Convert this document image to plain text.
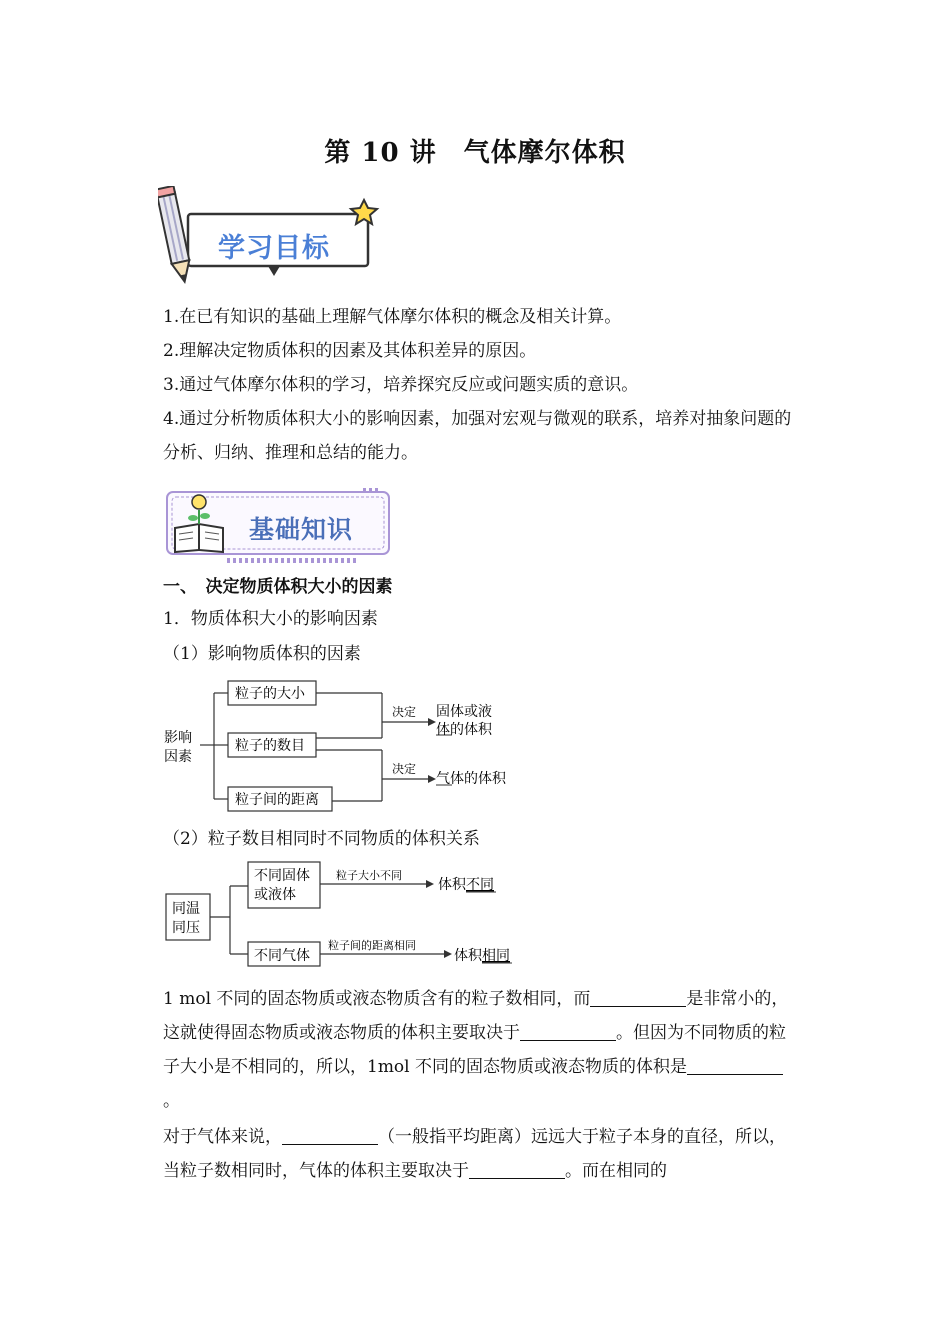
第 10 讲　气体摩尔体积
学习目标

1.在已有知识的基础上理解气体摩尔体积的概念及相关计算。

2.理解决定物质体积的因素及其体积差异的原因。

3.通过气体摩尔体积的学习，培养探究反应或问题实质的意识。

4.通过分析物质体积大小的影响因素，加强对宏观与微观的联系，培养对抽象问题的分析、归纳、推理和总结的能力。

基础知识
一、　决定物质体积大小的因素
1．物质体积大小的影响因素
（1）影响物质体积的因素
影响
因素
粒子的大小
粒子的数目
粒子间的距离
决定
决定
固体或液
体的体积
气体的体积
（2）粒子数目相同时不同物质的体积关系
同温
同压
不同固体
或液体
不同气体
粒子大小不同
粒子间的距离相同
体积 不同
体积 相同

1 mol 不同的固态物质或液态物质含有的粒子数相同，而	是非常小的，这就使得固态物质或液态物质的体积主要取决于	。但因为不同物质的粒子大小是不相同的，所以，1mol 不同的固态物质或液态物质的体积是。

对于气体来说，	（一般指平均距离）远远大于粒子本身的直径，所以，当粒子数相同时，气体的体积主要取决于	。而在相同的
